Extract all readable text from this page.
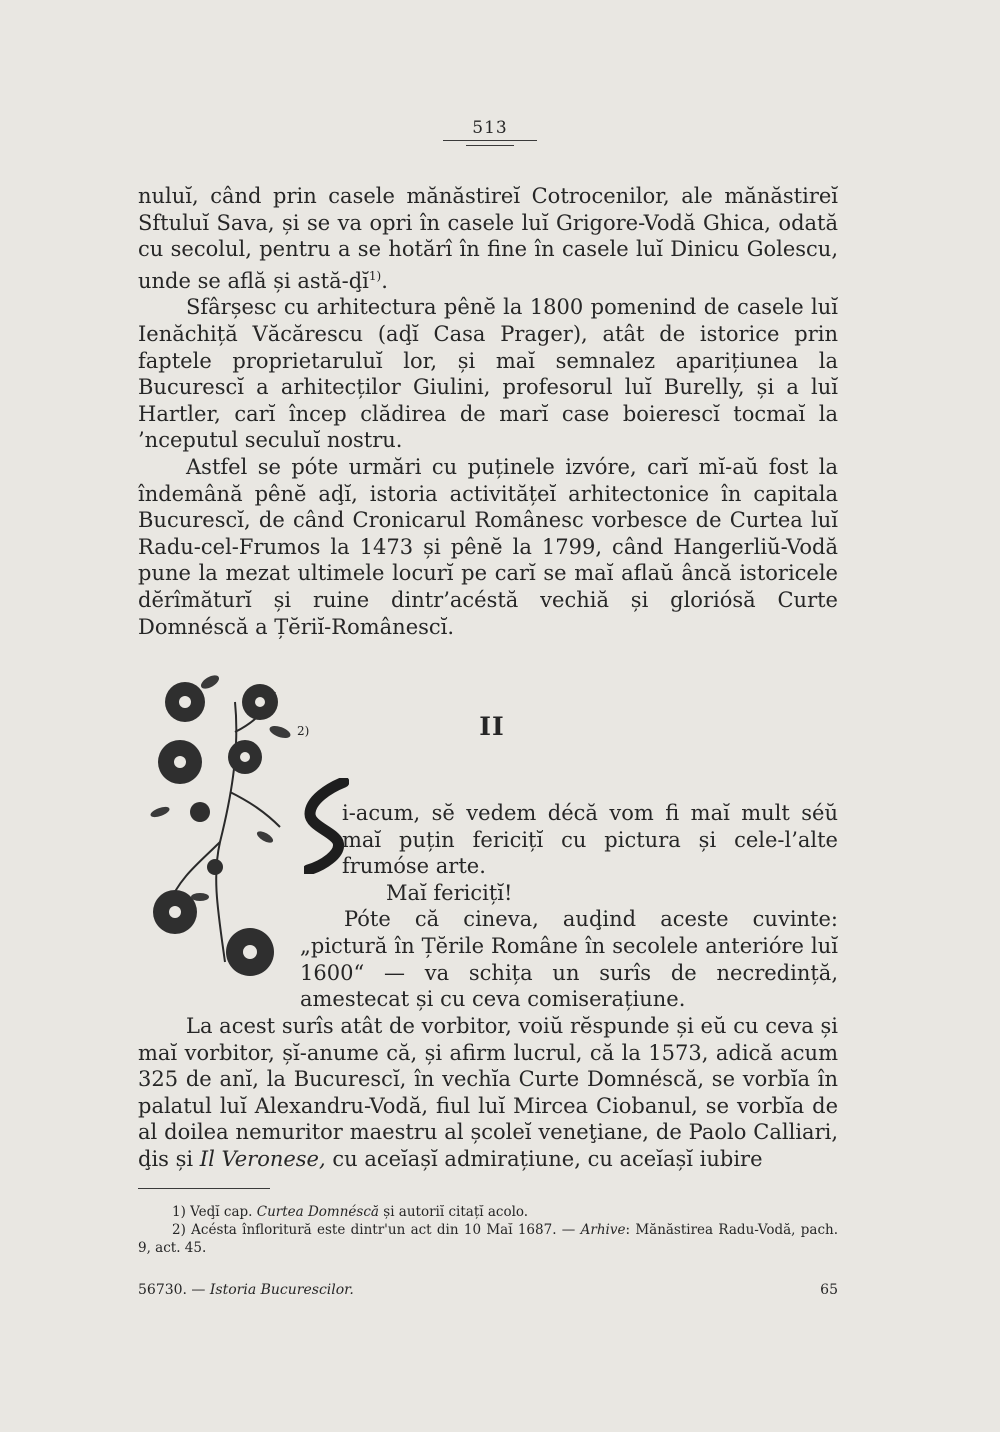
513

nuluĭ, când prin casele mănăstireĭ Cotrocenilor, ale mănăstireĭ Sftuluĭ Sava, și se va opri în casele luĭ Grigore-Vodă Ghica, odată cu secolul, pentru a se hotărî în fine în casele luĭ Dinicu Golescu, unde se află și astă-ḑĭ$^{1)}$.

Sfârșesc cu arhitectura pênĕ la 1800 pomenind de casele luĭ Ienăchiță Văcărescu (aḑĭ Casa Prager), atât de istorice prin faptele proprietaruluĭ lor, și maĭ semnalez aparițiunea la Bucurescĭ a arhitecților Giulini, profesorul luĭ Burelly, și a luĭ Hartler, carĭ încep clădirea de marĭ case boierescĭ tocmaĭ la ’nceputul seculuĭ nostru.

Astfel se póte urmări cu puținele izvóre, carĭ mĭ-aŭ fost la îndemână pênĕ aḑĭ, istoria activitățeĭ arhitectonice în capitala Bucurescĭ, de când Cronicarul Românesc vorbesce de Curtea luĭ Radu-cel-Frumos la 1473 și pênĕ la 1799, când Hangerliŭ-Vodă pune la mezat ultimele locurĭ pe carĭ se maĭ aflaŭ âncă istoricele dĕrîmăturĭ și ruine dintr’acéstă vechiă și gloriósă Curte Domnéscă a Țĕriĭ-Românescĭ.

2)	II

i-acum, sĕ vedem décă vom fi maĭ mult séŭ maĭ puțin fericițĭ cu pictura și cele-l’alte frumóse arte.

Maĭ fericițĭ!

Póte că cineva, auḑind aceste cuvinte: „pictură în Țĕrile Române în secolele anterióre luĭ 1600“ — va schița un surîs de necredință, amestecat și cu ceva comiserațiune.

La acest surîs atât de vorbitor, voiŭ rĕspunde și eŭ cu ceva și maĭ vorbitor, șĭ-anume că, și afirm lucrul, că la 1573, adică acum 325 de anĭ, la Bucurescĭ, în vechĭa Curte Domnéscă, se vorbĭa în palatul luĭ Alexandru-Vodă, fiul luĭ Mircea Ciobanul, se vorbĭa de al doilea nemuritor maestru al școleĭ veneţiane, de Paolo Calliari, ḑis și Il Veronese, cu aceĭașĭ admirațiune, cu aceĭașĭ iubire

1) Veḑĭ cap. Curtea Domnéscă și autoriĭ citațĭ acolo.

2) Acésta înfloritură este dintr'un act din 10 Maĭ 1687. — Arhive: Mănăstirea Radu-Vodă, pach. 9, act. 45.

56730. — Istoria Bucurescilor.	65
